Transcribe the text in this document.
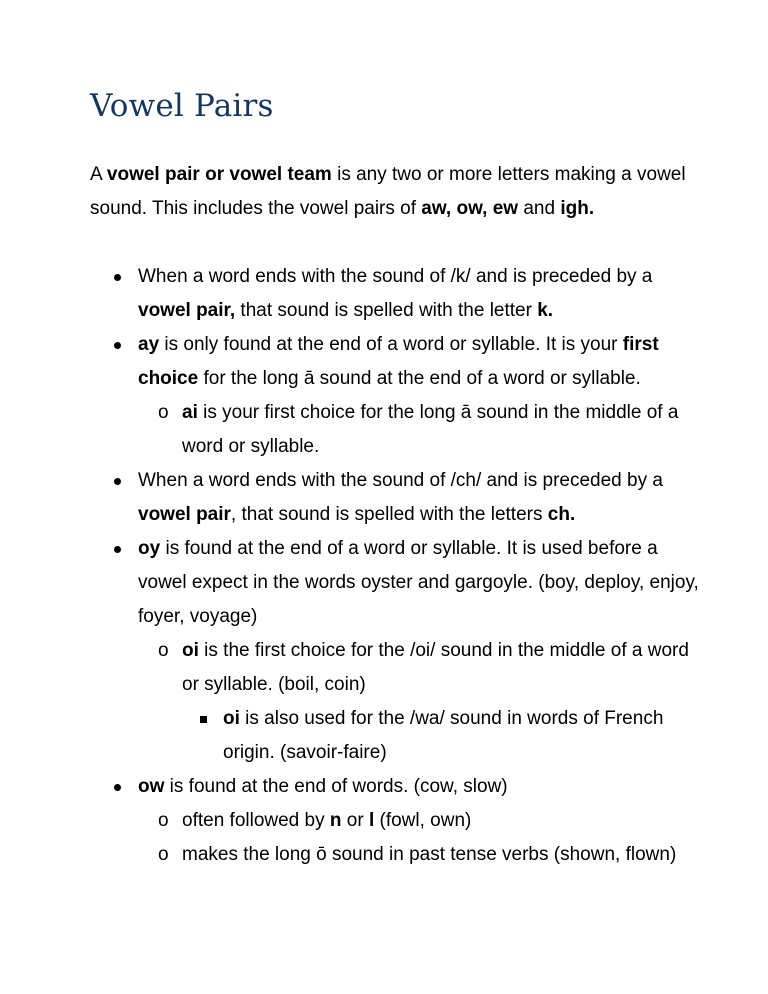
Vowel Pairs

A vowel pair or vowel team is any two or more letters making a vowel sound. This includes the vowel pairs of aw, ow, ew and igh.

When a word ends with the sound of /k/ and is preceded by a vowel pair, that sound is spelled with the letter k.
ay is only found at the end of a word or syllable. It is your first choice for the long ā sound at the end of a word or syllable.
o ai is your first choice for the long ā sound in the middle of a word or syllable.
When a word ends with the sound of /ch/ and is preceded by a vowel pair, that sound is spelled with the letters ch.
oy is found at the end of a word or syllable. It is used before a vowel expect in the words oyster and gargoyle. (boy, deploy, enjoy, foyer, voyage)
o oi is the first choice for the /oi/ sound in the middle of a word or syllable. (boil, coin)
oi is also used for the /wa/ sound in words of French origin. (savoir-faire)
ow is found at the end of words. (cow, slow)
o often followed by n or l (fowl, own)
o makes the long ō sound in past tense verbs (shown, flown)
